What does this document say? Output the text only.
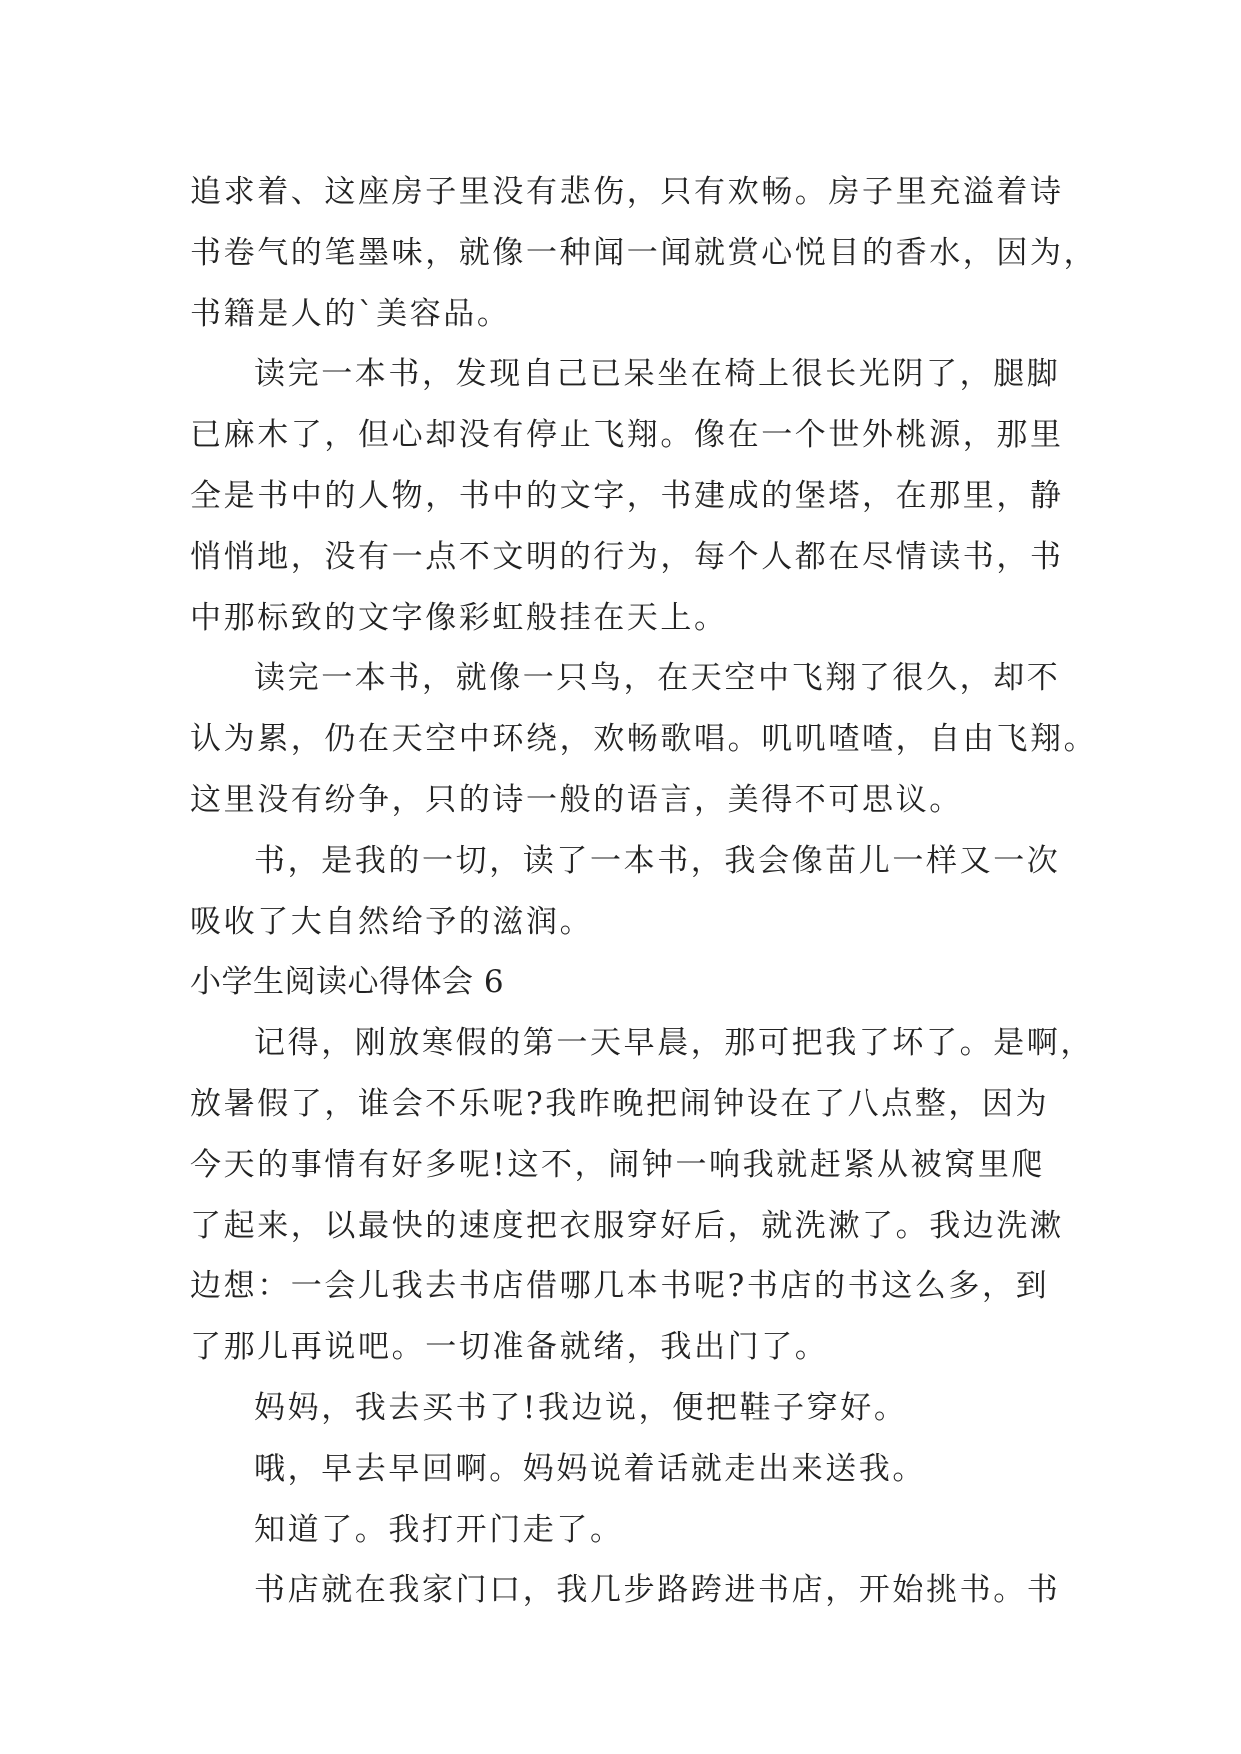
追求着、这座房子里没有悲伤，只有欢畅。房子里充溢着诗
书卷气的笔墨味，就像一种闻一闻就赏心悦目的香水，因为，
书籍是人的`美容品。
读完一本书，发现自己已呆坐在椅上很长光阴了，腿脚
已麻木了，但心却没有停止飞翔。像在一个世外桃源，那里
全是书中的人物，书中的文字，书建成的堡塔，在那里，静
悄悄地，没有一点不文明的行为，每个人都在尽情读书，书
中那标致的文字像彩虹般挂在天上。
读完一本书，就像一只鸟，在天空中飞翔了很久，却不
认为累，仍在天空中环绕，欢畅歌唱。叽叽喳喳，自由飞翔。
这里没有纷争，只的诗一般的语言，美得不可思议。
书，是我的一切，读了一本书，我会像苗儿一样又一次
吸收了大自然给予的滋润。
小学生阅读心得体会 6
记得，刚放寒假的第一天早晨，那可把我了坏了。是啊，
放暑假了，谁会不乐呢?我昨晚把闹钟设在了八点整，因为
今天的事情有好多呢!这不，闹钟一响我就赶紧从被窝里爬
了起来，以最快的速度把衣服穿好后，就洗漱了。我边洗漱
边想：一会儿我去书店借哪几本书呢?书店的书这么多，到
了那儿再说吧。一切准备就绪，我出门了。
妈妈，我去买书了!我边说，便把鞋子穿好。
哦，早去早回啊。妈妈说着话就走出来送我。
知道了。我打开门走了。
书店就在我家门口，我几步路跨进书店，开始挑书。书
